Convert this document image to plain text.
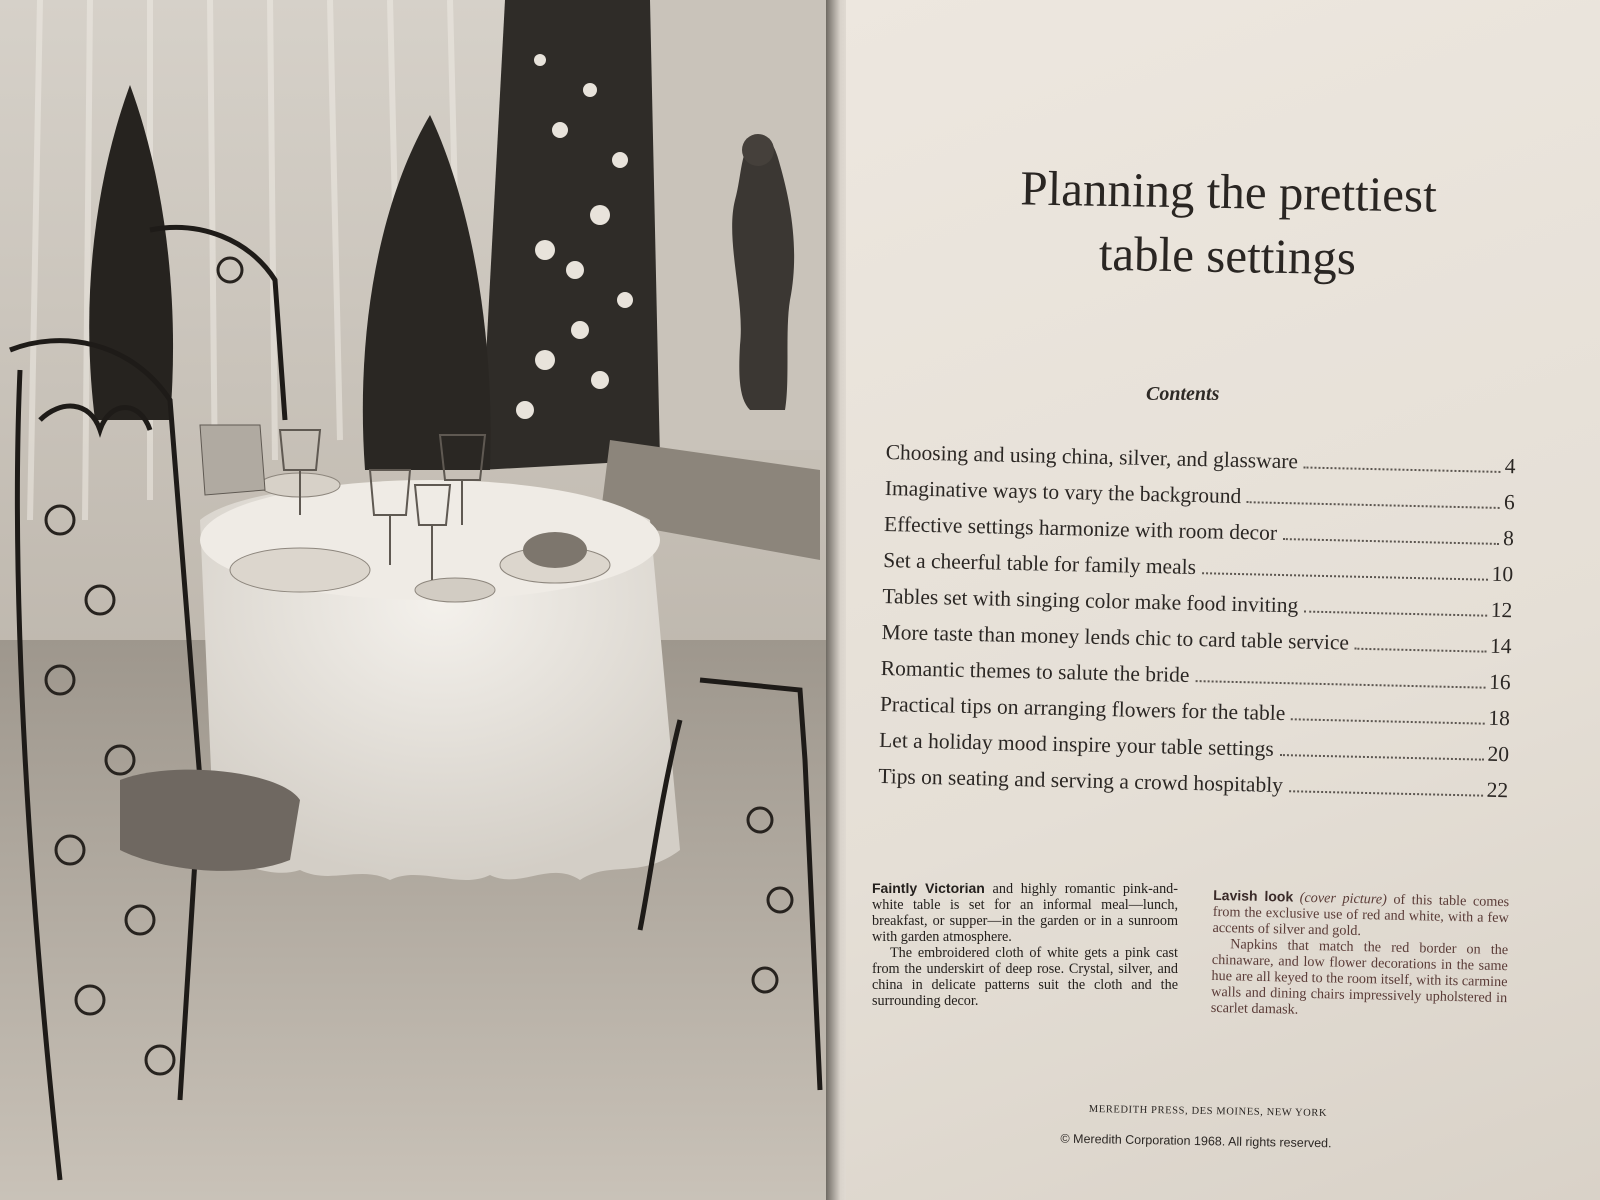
Planning the prettiest
table settings
Contents
Choosing and using china, silver, and glassware	4
Imaginative ways to vary the background	6
Effective settings harmonize with room decor	8
Set a cheerful table for family meals	10
Tables set with singing color make food inviting	12
More taste than money lends chic to card table service	14
Romantic themes to salute the bride	16
Practical tips on arranging flowers for the table	18
Let a holiday mood inspire your table settings	20
Tips on seating and serving a crowd hospitably	22
Faintly Victorian and highly romantic pink-and-white table is set for an informal meal—lunch, breakfast, or supper—in the garden or in a sunroom with garden atmosphere.
The embroidered cloth of white gets a pink cast from the underskirt of deep rose. Crystal, silver, and china in delicate patterns suit the cloth and the surrounding decor.
Lavish look (cover picture) of this table comes from the exclusive use of red and white, with a few accents of silver and gold.
Napkins that match the red border on the chinaware, and low flower decorations in the same hue are all keyed to the room itself, with its carmine walls and dining chairs impressively upholstered in scarlet damask.
MEREDITH PRESS, DES MOINES, NEW YORK
© Meredith Corporation 1968. All rights reserved.
